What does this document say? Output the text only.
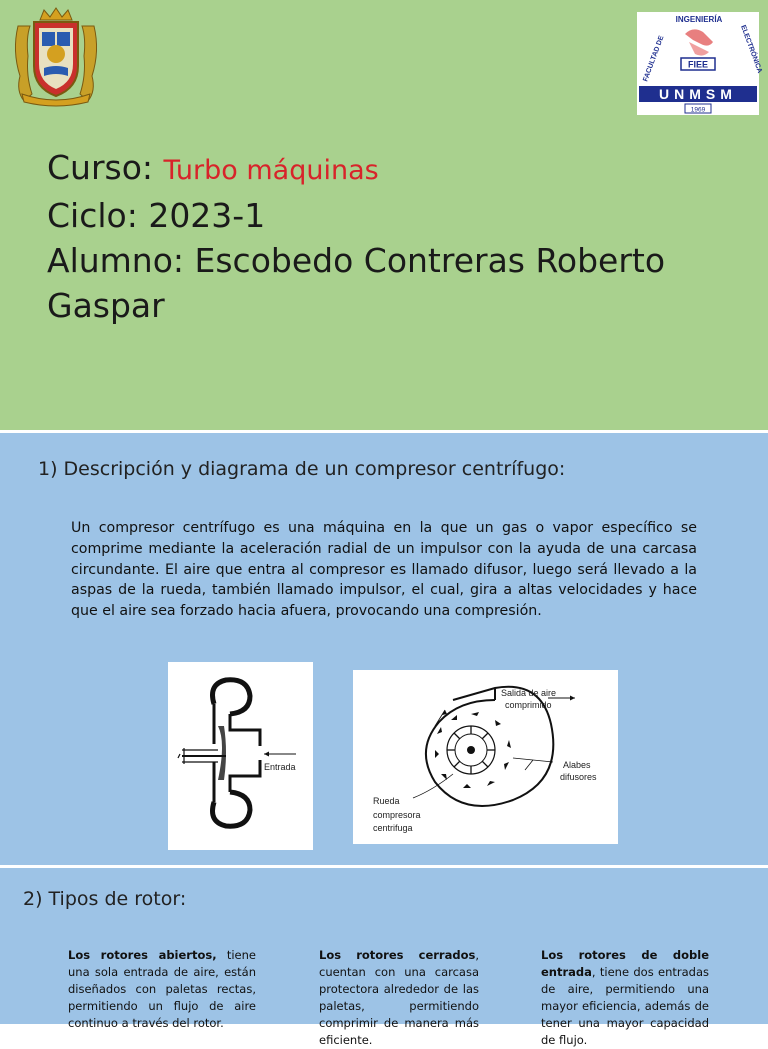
INGENIERÍA
FACULTAD DE	ELECTRÓNICA
FIEE
UNMSM
1969
Curso: Turbo máquinas
Ciclo: 2023-1
Alumno: Escobedo Contreras Roberto
Gaspar
1) Descripción y diagrama de un compresor centrífugo:
Un compresor centrífugo es una máquina en la que un gas o vapor específico se comprime mediante la aceleración radial de un impulsor con la ayuda de una carcasa circundante. El aire que entra al compresor es llamado difusor, luego será llevado a la aspas de la rueda, también llamado impulsor, el cual, gira a altas velocidades y hace que el aire sea forzado hacia afuera, provocando una compresión.
Entrada
Salida de aire
comprimido
Alabes
difusores
Rueda
compresora
centrifuga
2) Tipos de rotor:
Los rotores abiertos, tiene una sola entrada de aire, están diseñados con paletas rectas, permitiendo un flujo de aire continuo a través del rotor.
Los rotores cerrados, cuentan con una carcasa protectora alrededor de las paletas, permitiendo comprimir de manera más eficiente.
Los rotores de doble entrada, tiene dos entradas de aire, permitiendo una mayor eficiencia, además de tener una mayor capacidad de flujo.
